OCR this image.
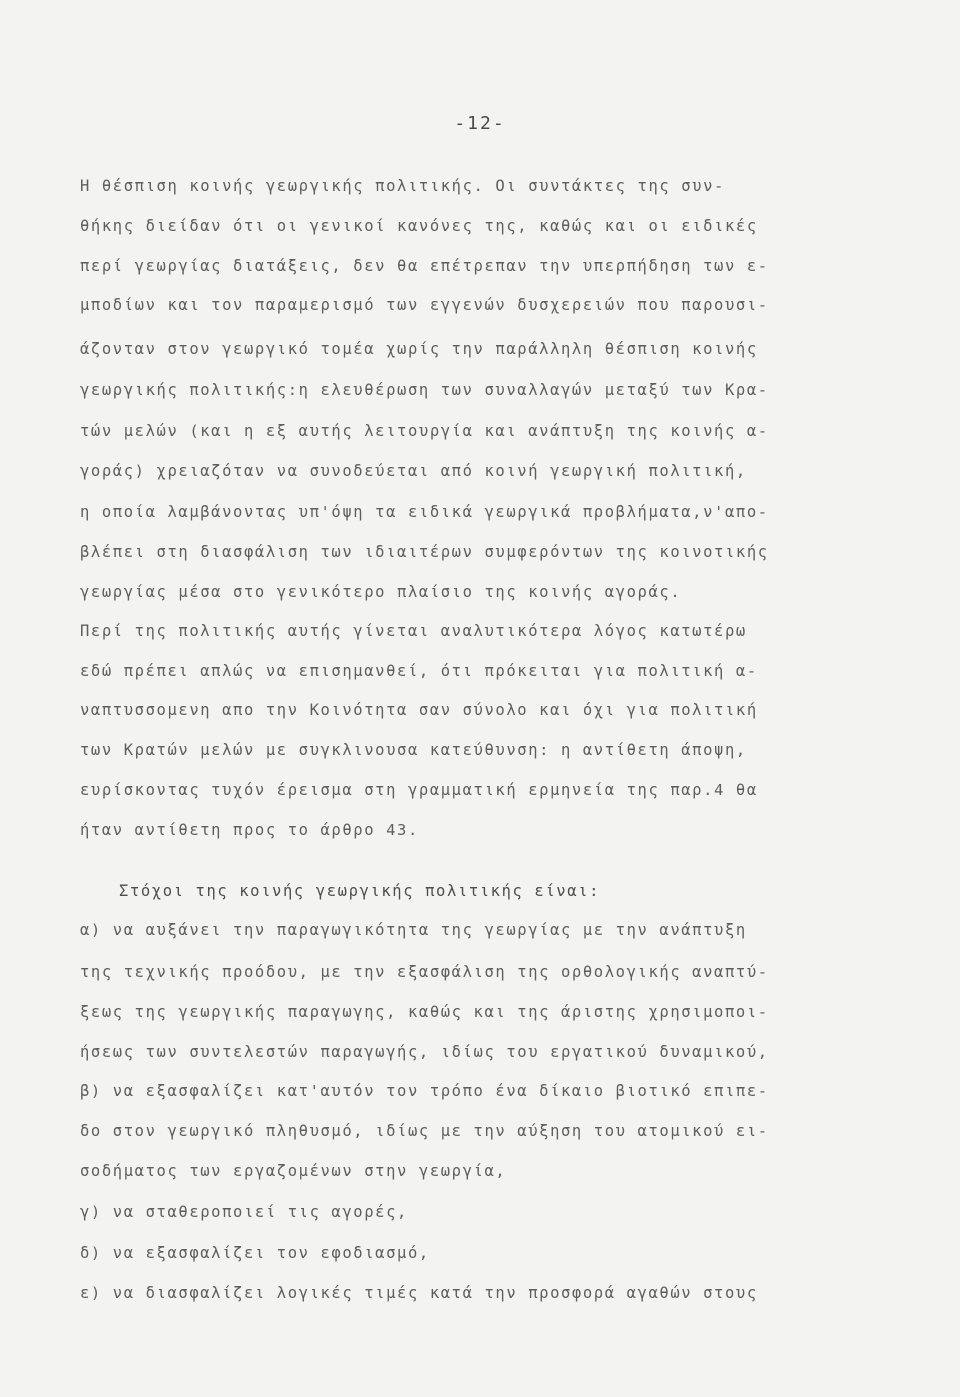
-12-
Η θέσπιση κοινής γεωργικής πολιτικής. Οι συντάκτες της συν-
θήκης διείδαν ότι οι γενικοί κανόνες της, καθώς και οι ειδικές
περί γεωργίας διατάξεις, δεν θα επέτρεπαν την υπερπήδηση των ε-
μποδίων και τον παραμερισμό των εγγενών δυσχερειών που παρουσι-
άζονταν στον γεωργικό τομέα χωρίς την παράλληλη θέσπιση κοινής
γεωργικής πολιτικής:η ελευθέρωση των συναλλαγών μεταξύ των Κρα-
τών μελών (και η εξ αυτής λειτουργία και ανάπτυξη της κοινής α-
γοράς) χρειαζόταν να συνοδεύεται από κοινή γεωργική πολιτική,
η οποία λαμβάνοντας υπ'όψη τα ειδικά γεωργικά προβλήματα,ν'απο-
βλέπει στη διασφάλιση των ιδιαιτέρων συμφερόντων της κοινοτικής
γεωργίας μέσα στο γενικότερο πλαίσιο της κοινής αγοράς.
Περί της πολιτικής αυτής γίνεται αναλυτικότερα λόγος κατωτέρω
εδώ πρέπει απλώς να επισημανθεί, ότι πρόκειται για πολιτική α-
ναπτυσσομενη απο την Κοινότητα σαν σύνολο και όχι για πολιτική
των Κρατών μελών με συγκλινουσα κατεύθυνση: η αντίθετη άποψη,
ευρίσκοντας τυχόν έρεισμα στη γραμματική ερμηνεία της παρ.4 θα
ήταν αντίθετη προς το άρθρο 43.
Στόχοι της κοινής γεωργικής πολιτικής είναι:
α) να αυξάνει την παραγωγικότητα της γεωργίας με την ανάπτυξη
της τεχνικής προόδου, με την εξασφάλιση της ορθολογικής αναπτύ-
ξεως της γεωργικής παραγωγης, καθώς και της άριστης χρησιμοποι-
ήσεως των συντελεστών παραγωγής, ιδίως του εργατικού δυναμικού,
β) να εξασφαλίζει κατ'αυτόν τον τρόπο ένα δίκαιο βιοτικό επιπε-
δο στον γεωργικό πληθυσμό, ιδίως με την αύξηση του ατομικού ει-
σοδήματος των εργαζομένων στην γεωργία,
γ) να σταθεροποιεί τις αγορές,
δ) να εξασφαλίζει τον εφοδιασμό,
ε) να διασφαλίζει λογικές τιμές κατά την προσφορά αγαθών στους
